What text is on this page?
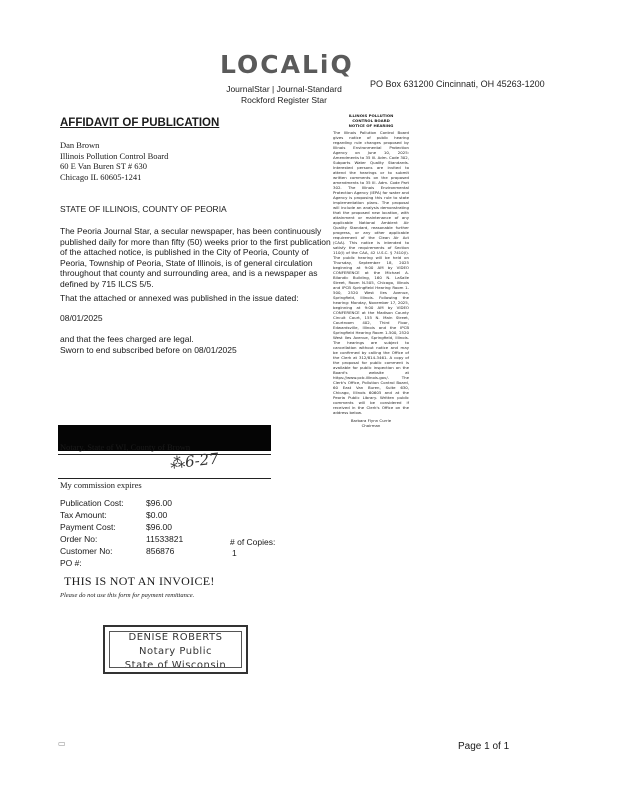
LOCALiQ
JournalStar | Journal-Standard
Rockford Register Star
PO Box 631200 Cincinnati, OH 45263-1200
AFFIDAVIT OF PUBLICATION
Dan Brown
Illinois Pollution Control Board
60 E Van Buren ST # 630
Chicago IL 60605-1241
STATE OF ILLINOIS, COUNTY OF PEORIA
The Peoria Journal Star, a secular newspaper, has been continuously published daily for more than fifty (50) weeks prior to the first publication of the attached notice, is published in the City of Peoria, County of Peoria, Township of Peoria, State of Illinois, is of general circulation throughout that county and surrounding area, and is a newspaper as defined by 715 ILCS 5/5.
That the attached or annexed was published in the issue dated:
08/01/2025
and that the fees charged are legal.
Sworn to end subscribed before on 08/01/2025
Notary, State of WI, County of Brown
⁂6-27
My commission expires
Publication Cost:	$96.00
Tax Amount:	$0.00
Payment Cost:	$96.00
Order No:	11533821
Customer No:	856876
PO #:
# of Copies:
1
THIS IS NOT AN INVOICE!
Please do not use this form for payment remittance.
DENISE ROBERTS
Notary Public
State of Wisconsin
▭	Page 1 of 1
ILLINOIS POLLUTION
CONTROL BOARD
NOTICE OF HEARING
The Illinois Pollution Control Board gives notice of public hearing regarding rule changes proposed by Illinois Environmental Protection Agency on June 10, 2025: Amendments to 35 Ill. Adm. Code 302, Subparts Water Quality Standards. Interested persons are invited to attend the hearings or to submit written comments on the proposed amendments to 35 Ill. Adm. Code Part 302. The Illinois Environmental Protection Agency (IEPA) for water and Agency is proposing this rule to state implementation plans. The proposal will include an analysis demonstrating that the proposed new location, with attainment or maintenance of any applicable National Ambient Air Quality Standard, reasonable further progress, or any other applicable requirement of the Clean Air Act (CAA). This notice is intended to satisfy the requirements of Section 110(l) of the CAA, 42 U.S.C. § 7410(l). The public hearing will be held on Thursday, September 18, 2025 beginning at 9:00 AM by VIDEO CONFERENCE at the Michael A. Bilandic Building, 160 N. LaSalle Street, Room N-505, Chicago, Illinois and IPCB Springfield Hearing Room 1-500, 2520 West Iles Avenue, Springfield, Illinois. Following the hearing: Monday, November 17, 2025, beginning at 9:00 AM by VIDEO CONFERENCE at the Madison County Circuit Court, 155 N. Main Street, Courtroom 402, Third Floor, Edwardsville, Illinois and the IPCB Springfield Hearing Room 1-500, 2520 West Iles Avenue, Springfield, Illinois. The hearings are subject to cancellation without notice and may be confirmed by calling the Office of the Clerk at 312/814-3461. A copy of the proposal for public comment is available for public inspection on the Board's website at https://www.pcb.illinois.gov/. The Clerk's Office, Pollution Control Board, 60 East Van Buren, Suite 630, Chicago, Illinois 60605 and at the Peoria Public Library. Written public comments will be considered if received in the Clerk's Office on the address below.
Barbara Flynn Currie
Chairman
